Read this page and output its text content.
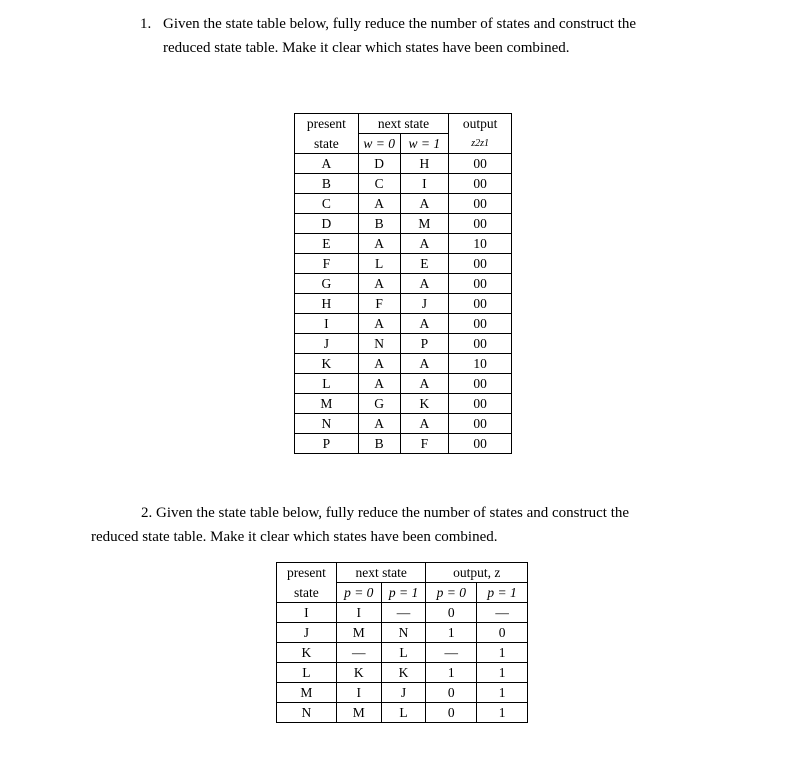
1. Given the state table below, fully reduce the number of states and construct the
reduced state table. Make it clear which states have been combined.
present	next state		output
state	w = 0	w = 1	z2z1
A	D	H	00
B	C	I	00
C	A	A	00
D	B	M	00
E	A	A	10
F	L	E	00
G	A	A	00
H	F	J	00
I	A	A	00
J	N	P	00
K	A	A	10
L	A	A	00
M	G	K	00
N	A	A	00
P	B	F	00
2. Given the state table below, fully reduce the number of states and construct the
reduced state table. Make it clear which states have been combined.
present	next state		output, z	
state	p = 0	p = 1	p = 0	p = 1
I	I	—	0	—
J	M	N	1	0
K	—	L	—	1
L	K	K	1	1
M	I	J	0	1
N	M	L	0	1
